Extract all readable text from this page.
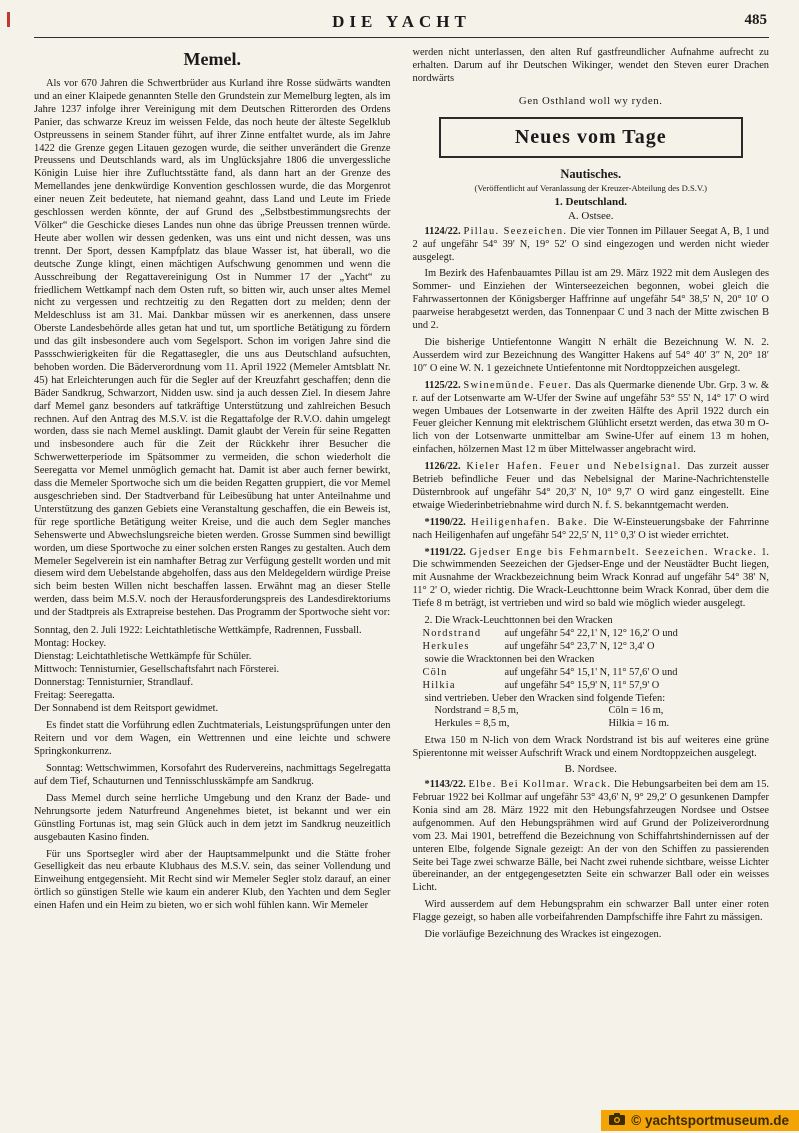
DIE YACHT	485
Memel.

Als vor 670 Jahren die Schwertbrüder aus Kurland ihre Rosse südwärts wandten und an einer Klaipede genannten Stelle den Grundstein zur Memelburg legten, als im Jahre 1237 infolge ihrer Vereinigung mit dem Deutschen Ritterorden des Ordens Panier, das schwarze Kreuz im weissen Felde, das noch heute der älteste Segelklub Ostpreussens in seinem Stander führt, auf ihrer Zinne entfaltet wurde, als im Jahre 1422 die Grenze gegen Litauen gezogen wurde, die seither unverändert die Grenze Preussens und Deutschlands ward, als im Unglücksjahre 1806 die unvergessliche Königin Luise hier ihre Zufluchtsstätte fand, als dann hart an der Grenze des Memellandes jene denkwürdige Konvention geschlossen wurde, die das Morgenrot einer neuen Zeit bedeutete, hat niemand geahnt, dass Land und Leute im Friede geschlossen werden könnte, der auf Grund des „Selbstbestimmungsrechts der Völker“ die Geschicke dieses Landes nun ohne das übrige Preussen trennen würde. Heute aber wollen wir dessen gedenken, was uns eint und nicht dessen, was uns trennt. Der Sport, dessen Kampfplatz das blaue Wasser ist, hat überall, wo die deutsche Zunge klingt, einen mächtigen Aufschwung genommen und wenn die Ausschreibung der Regattavereinigung Ost in Nummer 17 der „Yacht“ zu friedlichem Wettkampf nach dem Osten ruft, so bitten wir, auch unser altes Memel nicht zu vergessen und rechtzeitig zu den Regatten dort zu melden; denn der Meldeschluss ist am 31. Mai. Dankbar müssen wir es anerkennen, dass unsere Oberste Landesbehörde alles getan hat und tut, um sportliche Betätigung zu fördern und das gilt insbesondere auch vom Segelsport. Schon im vorigen Jahre sind die Passschwierigkeiten für die Regattasegler, die uns aus Deutschland aufsuchten, behoben worden. Die Bäderverordnung vom 11. April 1922 (Memeler Amtsblatt Nr. 45) hat Erleichterungen auch für die Segler auf der Kreuzfahrt geschaffen; denn die Bäder Sandkrug, Schwarzort, Nidden usw. sind ja auch dessen Ziel. In diesem Jahre darf Memel ganz besonders auf tatkräftige Unterstützung und zahlreichen Besuch rechnen. Auf den Antrag des M.S.V. ist die Regattafolge der R.V.O. dahin umgelegt worden, dass sie nach Memel ausklingt. Damit glaubt der Verein für seine Regatten und insbesondere auch für die Zeit der Rückkehr ihrer Besucher die Schwerwetterperiode im Spätsommer zu vermeiden, die schon wiederholt die Seeregatta vor Memel unmöglich gemacht hat. Damit ist aber auch ferner bewirkt, dass die Memeler Sportwoche sich um die beiden Regatten gruppiert, die vor Memel ausgeschrieben sind. Der Stadtverband für Leibesübung hat unter Anteilnahme und Unterstützung des ganzen Gebiets eine Veranstaltung geschaffen, die ein Beweis ist, für rege sportliche Betätigung weiter Kreise, und die auch dem Segler manches Sehenswerte und Abwechslungsreiche bieten werden. Grosse Summen sind bewilligt worden, um diese Sportwoche zu einer solchen ersten Ranges zu gestalten. Auch dem Memeler Segelverein ist ein namhafter Betrag zur Verfügung gestellt worden und mit diesem wird dem Uebelstande abgeholfen, dass aus den Meldegeldern würdige Preise sich beim besten Willen nicht beschaffen lassen. Erwähnt mag an dieser Stelle werden, dass beim M.S.V. noch der Herausforderungspreis des Landesdirektoriums und der Stadtpreis als Extrapreise bestehen. Das Programm der Sportwoche sieht vor:

Sonntag, den 2. Juli 1922: Leichtathletische Wettkämpfe, Radrennen, Fussball.

Montag: Hockey.

Dienstag: Leichtathletische Wettkämpfe für Schüler.

Mittwoch: Tennisturnier, Gesellschaftsfahrt nach Försterei.

Donnerstag: Tennisturnier, Strandlauf.

Freitag: Seeregatta.

Der Sonnabend ist dem Reitsport gewidmet.

Es findet statt die Vorführung edlen Zuchtmaterials, Leistungsprüfungen unter den Reitern und vor dem Wagen, ein Wettrennen und eine leichte und schwere Springkonkurrenz.

Sonntag: Wettschwimmen, Korsofahrt des Rudervereins, nachmittags Segelregatta auf dem Tief, Schauturnen und Tennisschlusskämpfe am Sandkrug.

Dass Memel durch seine herrliche Umgebung und den Kranz der Bade- und Nehrungsorte jedem Naturfreund Angenehmes bietet, ist bekannt und wer ein Günstling Fortunas ist, mag sein Glück auch in dem jetzt im Sandkrug neuzeitlich ausgebauten Kasino finden.

Für uns Sportsegler wird aber der Hauptsammelpunkt und die Stätte froher Geselligkeit das neu erbaute Klubhaus des M.S.V. sein, das seiner Vollendung und Einweihung entgegensieht. Mit Recht sind wir Memeler Segler stolz darauf, an einer örtlich so günstigen Stelle wie kaum ein anderer Klub, den Yachten und dem Segler einen Hafen und ein Heim zu bieten, wo er sich wohl fühlen kann. Wir Memeler

werden nicht unterlassen, den alten Ruf gastfreundlicher Aufnahme aufrecht zu erhalten. Darum auf ihr Deutschen Wikinger, wendet den Steven eurer Drachen nordwärts

Gen Osthland woll wy ryden.

Neues vom Tage

Nautisches.

(Veröffentlicht auf Veranlassung der Kreuzer-Abteilung des D.S.V.)

1. Deutschland.

A. Ostsee.

1124/22. Pillau. Seezeichen. Die vier Tonnen im Pillauer Seegat A, B, 1 und 2 auf ungefähr 54° 39' N, 19° 52' O sind eingezogen und werden nicht wieder ausgelegt.

Im Bezirk des Hafenbauamtes Pillau ist am 29. März 1922 mit dem Auslegen des Sommer- und Einziehen der Winterseezeichen begonnen, wobei gleich die Fahrwassertonnen der Königsberger Haffrinne auf ungefähr 54° 38,5' N, 20° 10' O paarweise herabgesetzt werden, das Tonnenpaar C und 3 nach der Mitte zwischen B und 2.

Die bisherige Untiefentonne Wangitt N erhält die Bezeichnung W. N. 2. Ausserdem wird zur Bezeichnung des Wangitter Hakens auf 54° 40′ 3″ N, 20° 18′ 10″ O eine W. N. 1 gezeichnete Untiefentonne mit Nordtoppzeichen ausgelegt.

1125/22. Swinemünde. Feuer. Das als Quermarke dienende Ubr. Grp. 3 w. & r. auf der Lotsenwarte am W-Ufer der Swine auf ungefähr 53° 55' N, 14° 17' O wird wegen Umbaues der Lotsenwarte in der zweiten Hälfte des April 1922 durch ein Feuer gleicher Kennung mit elektrischem Glühlicht ersetzt werden, das etwa 30 m O-lich von der Lotsenwarte unmittelbar am Swine-Ufer auf einem 13 m hohen, einfachen, hölzernen Mast 12 m über Mittelwasser angebracht wird.

1126/22. Kieler Hafen. Feuer und Nebelsignal. Das zurzeit ausser Betrieb befindliche Feuer und das Nebelsignal der Marine-Nachrichtenstelle Düsternbrook auf ungefähr 54° 20,3' N, 10° 9,7' O wird ganz eingestellt. Eine etwaige Wiederinbetriebnahme wird durch N. f. S. bekanntgemacht werden.

*1190/22. Heiligenhafen. Bake. Die W-Einsteuerungsbake der Fahrrinne nach Heiligenhafen auf ungefähr 54° 22,5' N, 11° 0,3' O ist wieder errichtet.

*1191/22. Gjedser Enge bis Fehmarnbelt. Seezeichen. Wracke. 1. Die schwimmenden Seezeichen der Gjedser-Enge und der Neustädter Bucht liegen, mit Ausnahme der Wrackbezeichnung beim Wrack Konrad auf ungefähr 54° 38' N, 11° 2' O, wieder richtig. Die Wrack-Leuchttonne beim Wrack Konrad, über dem die Tiefe 8 m beträgt, ist vertrieben und wird so bald wie möglich wieder ausgelegt.

2. Die Wrack-Leuchttonnen bei den Wracken

Nordstrand	auf ungefähr 54° 22,1' N, 12° 16,2' O und
Herkules	auf ungefähr 54° 23,7' N, 12° 3,4' O

sowie die Wracktonnen bei den Wracken

Cöln	auf ungefähr 54° 15,1' N, 11° 57,6' O und
Hilkia	auf ungefähr 54° 15,9' N, 11° 57,9' O

sind vertrieben. Ueber den Wracken sind folgende Tiefen:

Nordstrand = 8,5 m,	Cöln = 16 m,
Herkules = 8,5 m,	Hilkia = 16 m.

Etwa 150 m N-lich von dem Wrack Nordstrand ist bis auf weiteres eine grüne Spierentonne mit weisser Aufschrift Wrack und einem Nordtoppzeichen ausgelegt.

B. Nordsee.

*1143/22. Elbe. Bei Kollmar. Wrack. Die Hebungsarbeiten bei dem am 15. Februar 1922 bei Kollmar auf ungefähr 53° 43,6' N, 9° 29,2' O gesunkenen Dampfer Konia sind am 28. März 1922 mit den Hebungsfahrzeugen Nordsee und Ostsee aufgenommen. Auf den Hebungsprähmen wird auf Grund der Polizeiverordnung vom 23. Mai 1901, betreffend die Bezeichnung von Schiffahrtshindernissen auf der unteren Elbe, folgende Signale gezeigt: An der von den Schiffen zu passierenden Seite bei Tage zwei schwarze Bälle, bei Nacht zwei ruhende sichtbare, weisse Lichter übereinander, an der entgegengesetzten Seite ein schwarzer Ball oder ein weisses Licht.

Wird ausserdem auf dem Hebungsprahm ein schwarzer Ball unter einer roten Flagge gezeigt, so haben alle vorbeifahrenden Dampfschiffe ihre Fahrt zu mässigen.

Die vorläufige Bezeichnung des Wrackes ist eingezogen.

© yachtsportmuseum.de
